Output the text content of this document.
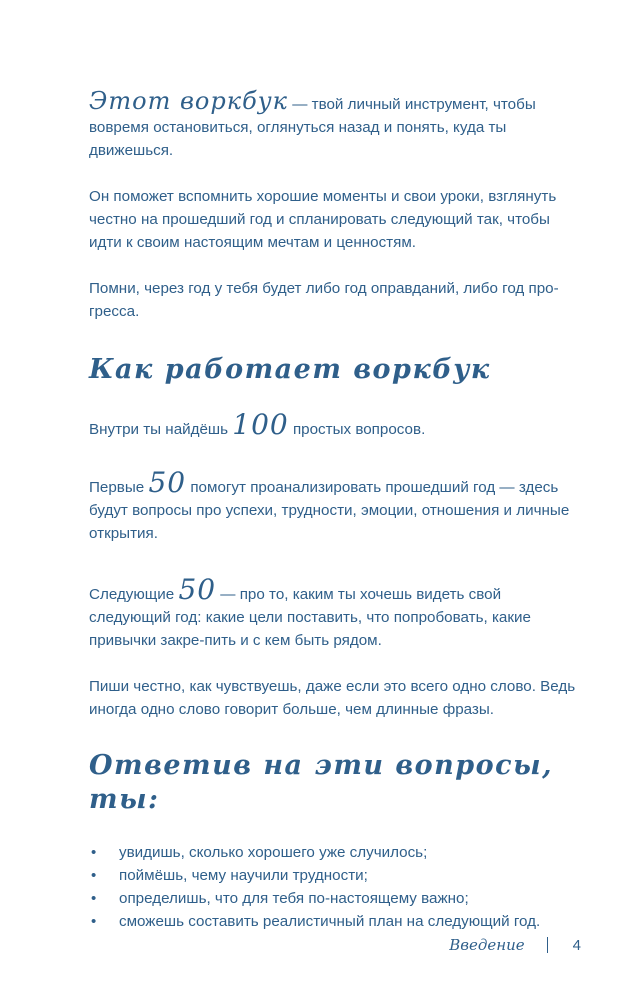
Этот воркбук — твой личный инструмент, чтобы вовремя остановиться, оглянуться назад и понять, куда ты движешься.

Он поможет вспомнить хорошие моменты и свои уроки, взглянуть честно на прошедший год и спланировать следующий так, чтобы идти к своим настоящим мечтам и ценностям.

Помни, через год у тебя будет либо год оправданий, либо год про-гресса.

Как работает воркбук

Внутри ты найдёшь 100 простых вопросов.

Первые 50 помогут проанализировать прошедший год — здесь будут вопросы про успехи, трудности, эмоции, отношения и личные открытия.

Следующие 50 — про то, каким ты хочешь видеть свой следующий год: какие цели поставить, что попробовать, какие привычки закре-пить и с кем быть рядом.

Пиши честно, как чувствуешь, даже если это всего одно слово. Ведь иногда одно слово говорит больше, чем длинные фразы.

Ответив на эти вопросы, ты:
• увидишь, сколько хорошего уже случилось;
• поймёшь, чему научили трудности;
• определишь, что для тебя по-настоящему важно;
• сможешь составить реалистичный план на следующий год.
Введение	4
